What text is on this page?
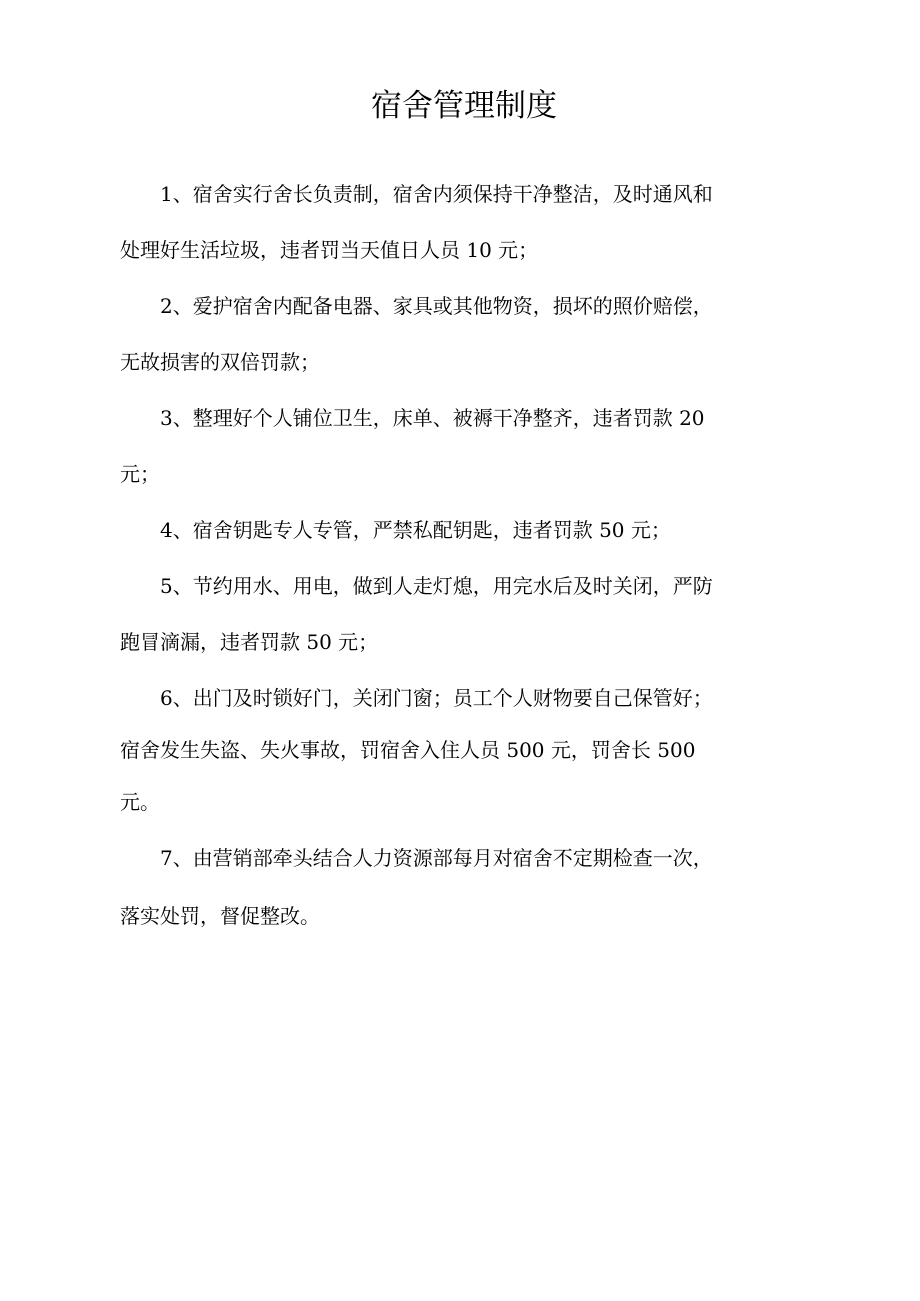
宿舍管理制度
1、宿舍实行舍长负责制，宿舍内须保持干净整洁，及时通风和
处理好生活垃圾，违者罚当天值日人员 10 元；
2、爱护宿舍内配备电器、家具或其他物资，损坏的照价赔偿，
无故损害的双倍罚款；
3、整理好个人铺位卫生，床单、被褥干净整齐，违者罚款 20
元；
4、宿舍钥匙专人专管，严禁私配钥匙，违者罚款 50 元；
5、节约用水、用电，做到人走灯熄，用完水后及时关闭，严防
跑冒滴漏，违者罚款 50 元；
6、出门及时锁好门，关闭门窗；员工个人财物要自己保管好；
宿舍发生失盗、失火事故，罚宿舍入住人员 500 元，罚舍长 500
元。
7、由营销部牵头结合人力资源部每月对宿舍不定期检查一次，
落实处罚，督促整改。
